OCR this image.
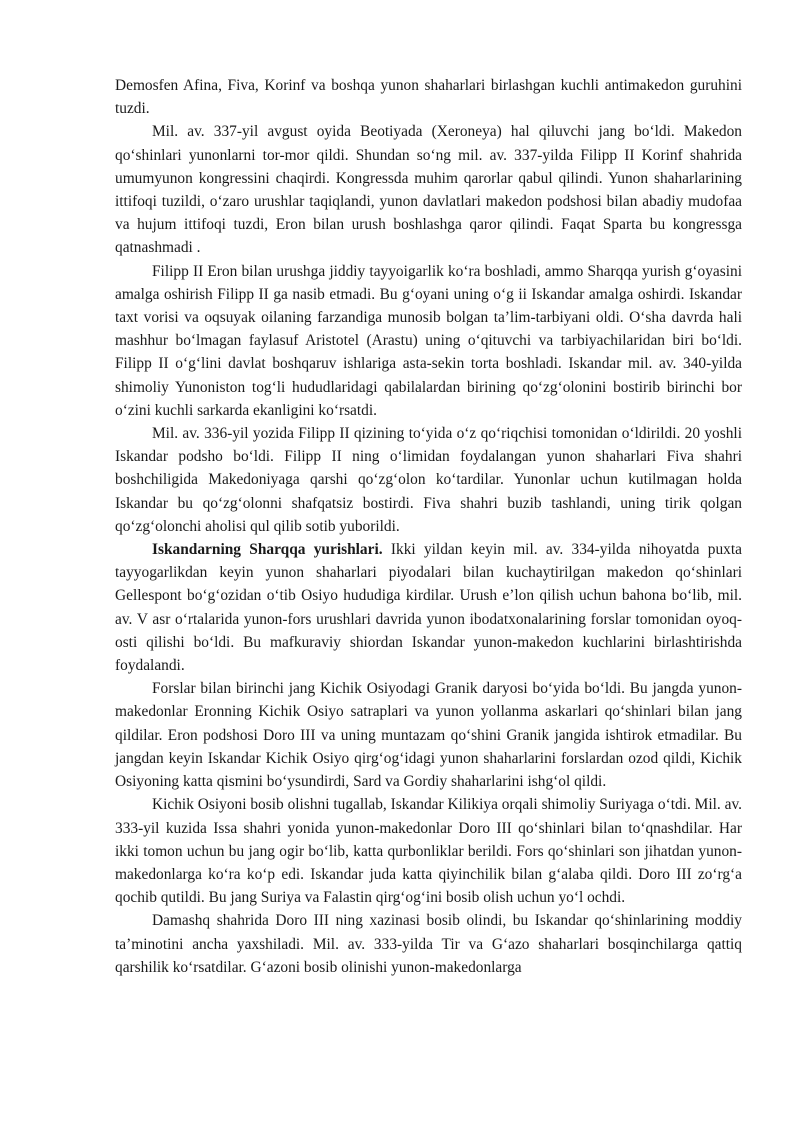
Demosfen Afina, Fiva, Korinf va boshqa yunon shaharlari birlashgan kuchli antimakedon guruhini tuzdi.

Mil. av. 337-yil avgust oyida Beotiyada (Xeroneya) hal qiluvchi jang bo‘ldi. Makedon qo‘shinlari yunonlarni tor-mor qildi. Shundan so‘ng mil. av. 337-yilda Filipp II Korinf shahrida umumyunon kongressini chaqirdi. Kongressda muhim qarorlar qabul qilindi. Yunon shaharlarining ittifoqi tuzildi, o‘zaro urushlar taqiqlandi, yunon davlatlari makedon podshosi bilan abadiy mudofaa va hujum ittifoqi tuzdi, Eron bilan urush boshlashga qaror qilindi. Faqat Sparta bu kongressga qatnashmadi .

Filipp II Eron bilan urushga jiddiy tayyoigarlik ko‘ra boshladi, ammo Sharqqa yurish g‘oyasini amalga oshirish Filipp II ga nasib etmadi. Bu g‘oyani uning o‘g ii Iskandar amalga oshirdi. Iskandar taxt vorisi va oqsuyak oilaning farzandiga munosib bolgan ta’lim-tarbiyani oldi. O‘sha davrda hali mashhur bo‘lmagan faylasuf Aristotel (Arastu) uning o‘qituvchi va tarbiyachilaridan biri bo‘ldi. Filipp II o‘g‘lini davlat boshqaruv ishlariga asta-sekin torta boshladi. Iskandar mil. av. 340-yilda shimoliy Yunoniston tog‘li hududlaridagi qabilalardan birining qo‘zg‘olonini bostirib birinchi bor o‘zini kuchli sarkarda ekanligini ko‘rsatdi.

Mil. av. 336-yil yozida Filipp II qizining to‘yida o‘z qo‘riqchisi tomonidan o‘ldirildi. 20 yoshli Iskandar podsho bo‘ldi. Filipp II ning o‘limidan foydalangan yunon shaharlari Fiva shahri boshchiligida Makedoniyaga qarshi qo‘zg‘olon ko‘tardilar. Yunonlar uchun kutilmagan holda Iskandar bu qo‘zg‘olonni shafqatsiz bostirdi. Fiva shahri buzib tashlandi, uning tirik qolgan qo‘zg‘olonchi aholisi qul qilib sotib yuborildi.

Iskandarning Sharqqa yurishlari. Ikki yildan keyin mil. av. 334-yilda nihoyatda puxta tayyogarlikdan keyin yunon shaharlari piyodalari bilan kuchaytirilgan makedon qo‘shinlari Gellespont bo‘g‘ozidan o‘tib Osiyo hududiga kirdilar. Urush e’lon qilish uchun bahona bo‘lib, mil. av. V asr o‘rtalarida yunon-fors urushlari davrida yunon ibodatxonalarining forslar tomonidan oyoq-osti qilishi bo‘ldi. Bu mafkuraviy shiordan Iskandar yunon-makedon kuchlarini birlashtirishda foydalandi.

Forslar bilan birinchi jang Kichik Osiyodagi Granik daryosi bo‘yida bo‘ldi. Bu jangda yunon-makedonlar Eronning Kichik Osiyo satraplari va yunon yollanma askarlari qo‘shinlari bilan jang qildilar. Eron podshosi Doro III va uning muntazam qo‘shini Granik jangida ishtirok etmadilar. Bu jangdan keyin Iskandar Kichik Osiyo qirg‘og‘idagi yunon shaharlarini forslardan ozod qildi, Kichik Osiyoning katta qismini bo‘ysundirdi, Sard va Gordiy shaharlarini ishg‘ol qildi.

Kichik Osiyoni bosib olishni tugallab, Iskandar Kilikiya orqali shimoliy Suriyaga o‘tdi. Mil. av. 333-yil kuzida Issa shahri yonida yunon-makedonlar Doro III qo‘shinlari bilan to‘qnashdilar. Har ikki tomon uchun bu jang ogir bo‘lib, katta qurbonliklar berildi. Fors qo‘shinlari son jihatdan yunon-makedonlarga ko‘ra ko‘p edi. Iskandar juda katta qiyinchilik bilan g‘alaba qildi. Doro III zo‘rg‘a qochib qutildi. Bu jang Suriya va Falastin qirg‘og‘ini bosib olish uchun yo‘l ochdi.

Damashq shahrida Doro III ning xazinasi bosib olindi, bu Iskandar qo‘shinlarining moddiy ta’minotini ancha yaxshiladi. Mil. av. 333-yilda Tir va G‘azo shaharlari bosqinchilarga qattiq qarshilik ko‘rsatdilar. G‘azoni bosib olinishi yunon-makedonlarga
